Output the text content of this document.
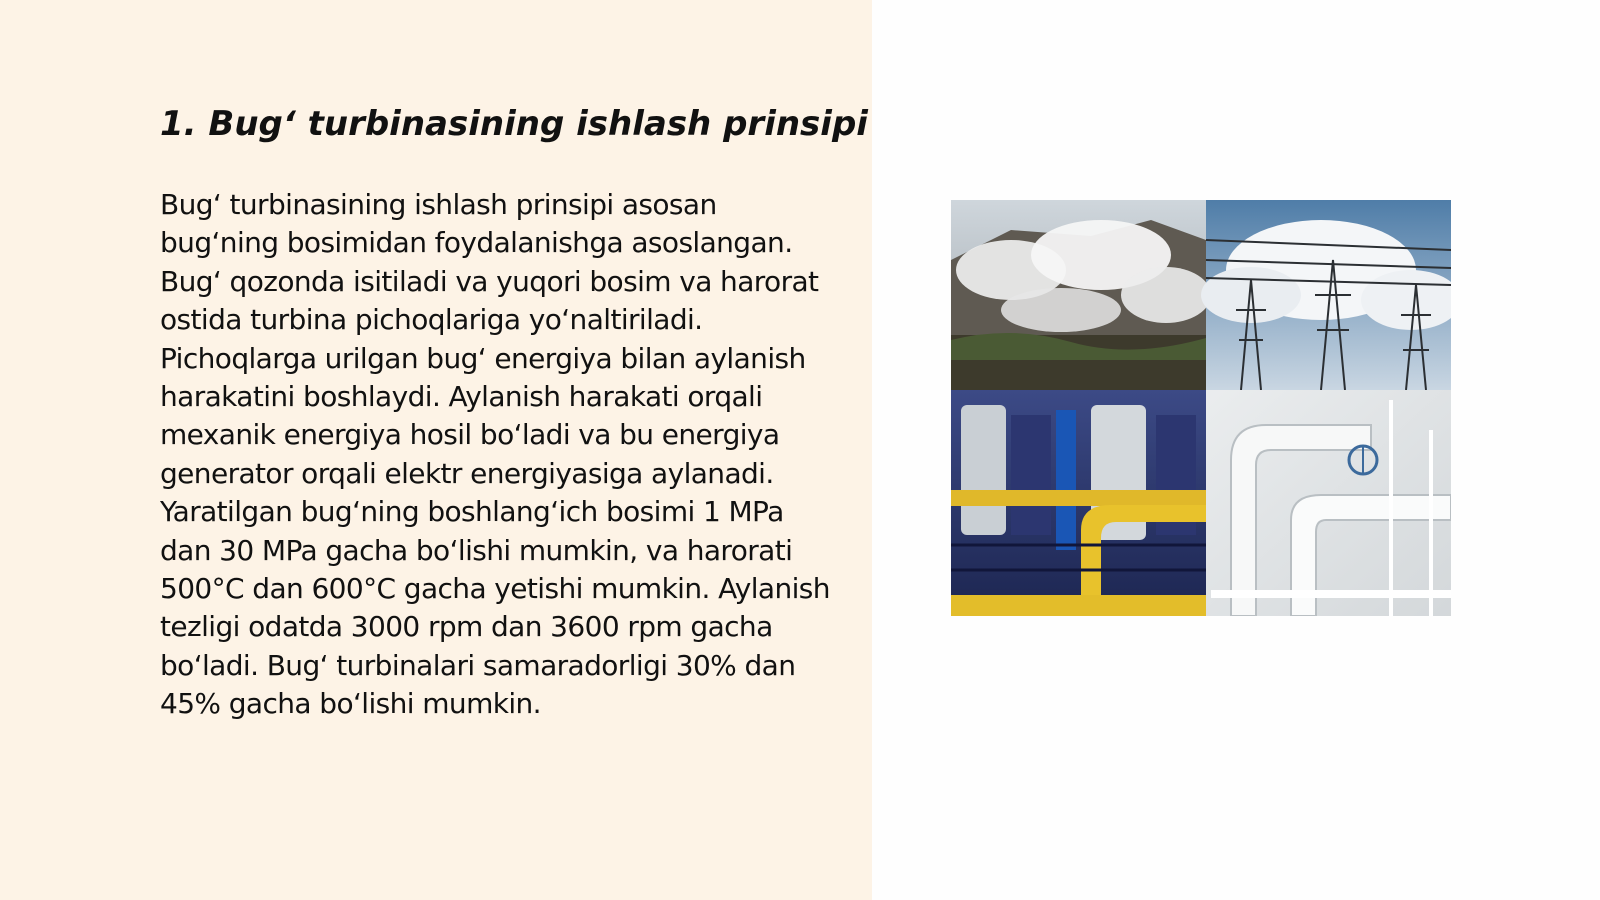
1. Bug‘ turbinasining ishlash prinsipi

Bug‘ turbinasining ishlash prinsipi asosan bug‘ning bosimidan foydalanishga asoslangan. Bug‘ qozonda isitiladi va yuqori bosim va harorat ostida turbina pichoqlariga yo‘naltiriladi. Pichoqlarga urilgan bug‘ energiya bilan aylanish harakatini boshlaydi. Aylanish harakati orqali mexanik energiya hosil bo‘ladi va bu energiya generator orqali elektr energiyasiga aylanadi. Yaratilgan bug‘ning boshlang‘ich bosimi 1 MPa dan 30 MPa gacha bo‘lishi mumkin, va harorati 500°C dan 600°C gacha yetishi mumkin. Aylanish tezligi odatda 3000 rpm dan 3600 rpm gacha bo‘ladi. Bug‘ turbinalari samaradorligi 30% dan 45% gacha bo‘lishi mumkin.
